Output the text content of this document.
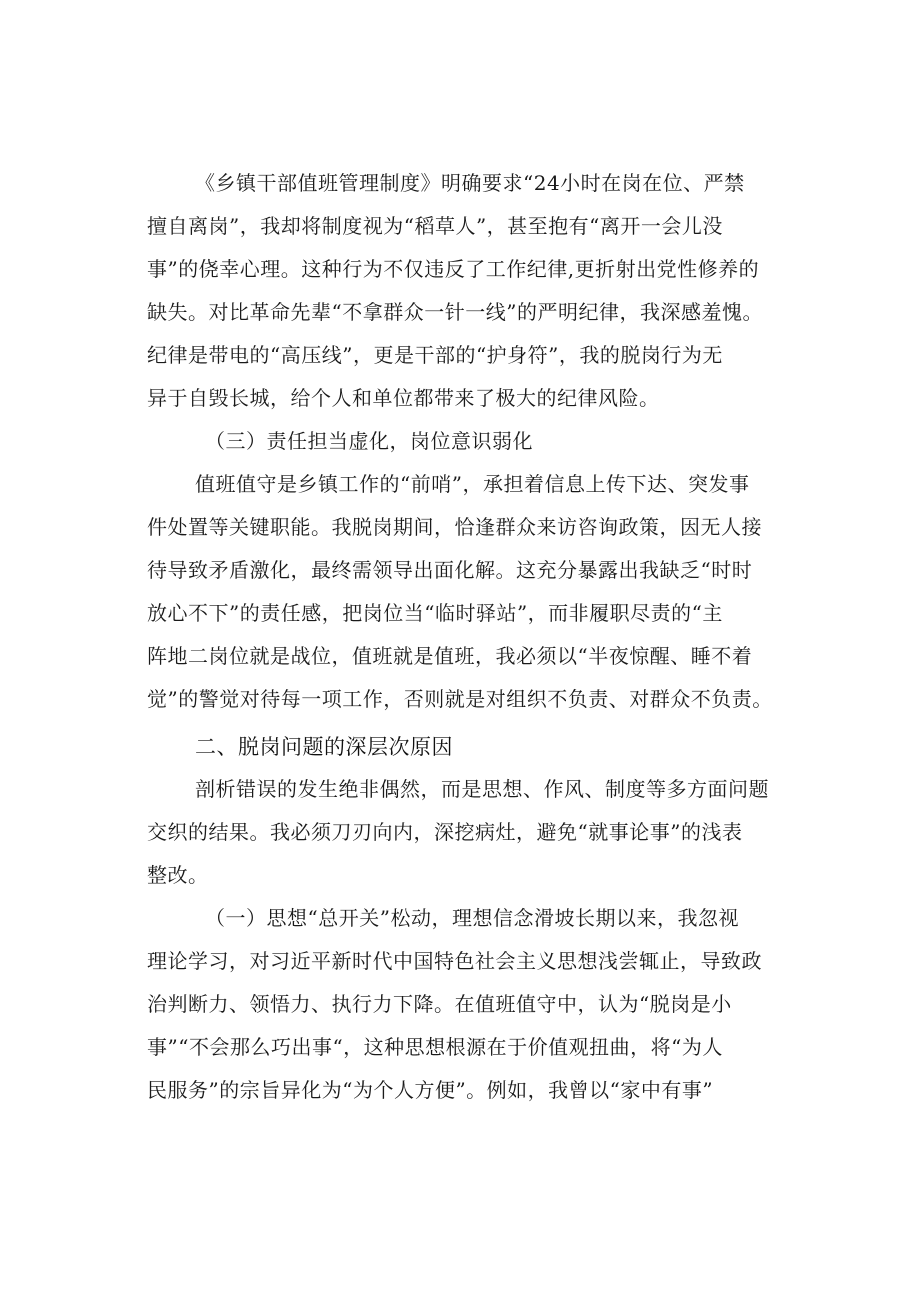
《乡镇干部值班管理制度》明确要求“24小时在岗在位、严禁
擅自离岗”，我却将制度视为“稻草人”，甚至抱有“离开一会儿没
事”的侥幸心理。这种行为不仅违反了工作纪律,更折射出党性修养的
缺失。对比革命先辈“不拿群众一针一线”的严明纪律，我深感羞愧。
纪律是带电的“高压线”，更是干部的“护身符”，我的脱岗行为无
异于自毁长城，给个人和单位都带来了极大的纪律风险。
（三）责任担当虚化，岗位意识弱化
值班值守是乡镇工作的“前哨”，承担着信息上传下达、突发事
件处置等关键职能。我脱岗期间，恰逢群众来访咨询政策，因无人接
待导致矛盾激化，最终需领导出面化解。这充分暴露出我缺乏“时时
放心不下”的责任感，把岗位当“临时驿站”，而非履职尽责的“主
阵地二岗位就是战位，值班就是值班，我必须以“半夜惊醒、睡不着
觉”的警觉对待每一项工作，否则就是对组织不负责、对群众不负责。
二、脱岗问题的深层次原因
剖析错误的发生绝非偶然，而是思想、作风、制度等多方面问题
交织的结果。我必须刀刃向内，深挖病灶，避免“就事论事”的浅表
整改。
（一）思想“总开关”松动，理想信念滑坡长期以来，我忽视
理论学习，对习近平新时代中国特色社会主义思想浅尝辄止，导致政
治判断力、领悟力、执行力下降。在值班值守中，认为“脱岗是小
事”“不会那么巧出事“，这种思想根源在于价值观扭曲，将“为人
民服务”的宗旨异化为“为个人方便”。例如，我曾以“家中有事”
